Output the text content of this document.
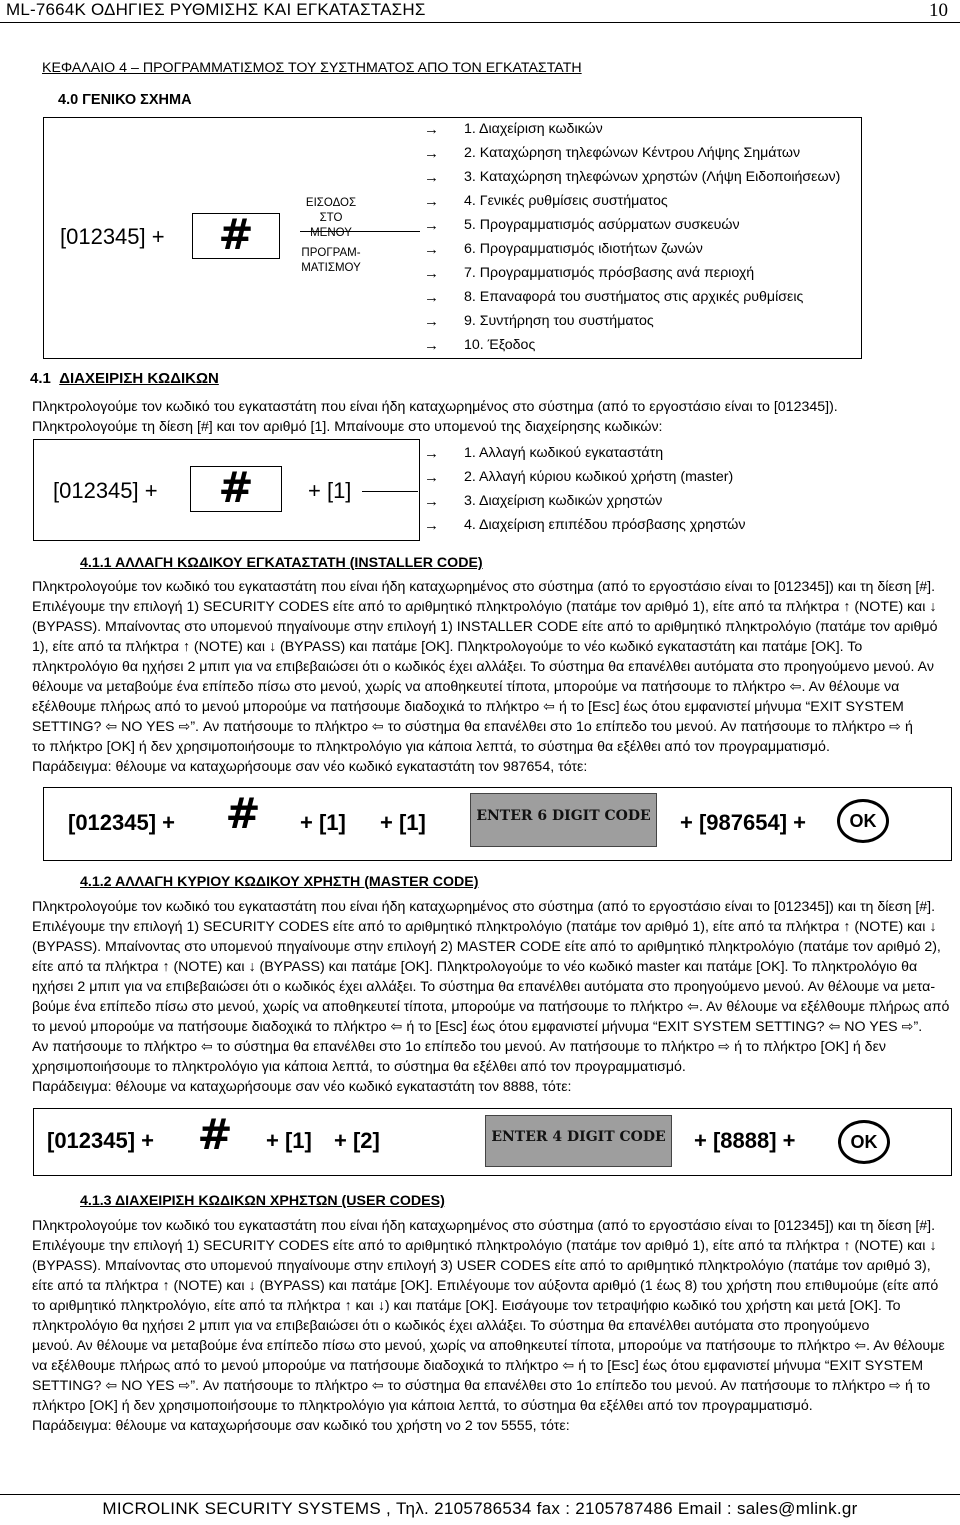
ML-7664K ΟΔΗΓΙΕΣ ΡΥΘΜΙΣΗΣ ΚΑΙ ΕΓΚΑΤΑΣΤΑΣΗΣ	10
ΚΕΦΑΛΑΙΟ 4 – ΠΡΟΓΡΑΜΜΑΤΙΣΜΟΣ ΤΟΥ ΣΥΣΤΗΜΑΤΟΣ ΑΠΟ ΤΟΝ ΕΓΚΑΤΑΣΤΑΤΗ
4.0 ΓΕΝΙΚΟ ΣΧΗΜΑ
[012345] +	#
ΕΙΣΟΔΟΣ
ΣΤΟ ΜΕΝΟΥ
ΠΡΟΓΡΑΜ-
ΜΑΤΙΣΜΟΥ
→	1. Διαχείριση κωδικών
→	2. Καταχώρηση τηλεφώνων Κέντρου Λήψης Σημάτων
→	3. Καταχώρηση τηλεφώνων χρηστών (Λήψη Ειδοποιήσεων)
→	4. Γενικές ρυθμίσεις συστήματος
→	5. Προγραμματισμός ασύρματων συσκευών
→	6. Προγραμματισμός ιδιοτήτων ζωνών
→	7. Προγραμματισμός πρόσβασης ανά περιοχή
→	8. Επαναφορά του συστήματος στις αρχικές ρυθμίσεις
→	9. Συντήρηση του συστήματος
→	10. Έξοδος
4.1 ΔΙΑΧΕΙΡΙΣΗ ΚΩΔΙΚΩΝ
Πληκτρολογούμε τον κωδικό του εγκαταστάτη που είναι ήδη καταχωρημένος στο σύστημα (από το εργοστάσιο είναι το [012345]).
Πληκτρολογούμε τη δίεση [#] και τον αριθμό [1]. Μπαίνουμε στο υπομενού της διαχείρησης κωδικών:
[012345] +	#	+ [1]
→	1. Αλλαγή κωδικού εγκαταστάτη
→	2. Αλλαγή κύριου κωδικού χρήστη (master)
→	3. Διαχείριση κωδικών χρηστών
→	4. Διαχείριση επιπέδου πρόσβασης χρηστών
4.1.1 ΑΛΛΑΓΗ ΚΩΔΙΚΟΥ ΕΓΚΑΤΑΣΤΑΤΗ (INSTALLER CODE)

Πληκτρολογούμε τον κωδικό του εγκαταστάτη που είναι ήδη καταχωρημένος στο σύστημα (από το εργοστάσιο είναι το [012345]) και τη δίεση [#].

Επιλέγουμε την επιλογή 1) SECURITY CODES είτε από το αριθμητικό πληκτρολόγιο (πατάμε τον αριθμό 1), είτε από τα πλήκτρα ↑ (NOTE) και ↓

(BYPASS). Μπαίνοντας στο υπομενού πηγαίνουμε στην επιλογή 1) INSTALLER CODE είτε από το αριθμητικό πληκτρολόγιο (πατάμε τον αριθμό

1), είτε από τα πλήκτρα ↑ (NOTE) και ↓ (BYPASS) και πατάμε [OK]. Πληκτρολογούμε το νέο κωδικό εγκαταστάτη και πατάμε [OK]. Το

πληκτρολόγιο θα ηχήσει 2 μπιπ για να επιβεβαιώσει ότι ο κωδικός έχει αλλάξει. Το σύστημα θα επανέλθει αυτόματα στο προηγούμενο μενού. Αν

θέλουμε να μεταβούμε ένα επίπεδο πίσω στο μενού, χωρίς να αποθηκευτεί τίποτα, μπορούμε να πατήσουμε το πλήκτρο ⇦. Αν θέλουμε να

εξέλθουμε πλήρως από το μενού μπορούμε να πατήσουμε διαδοχικά το πλήκτρο ⇦ ή το [Esc] έως ότου εμφανιστεί μήνυμα “EXIT SYSTEM

SETTING? ⇦ NO YES ⇨”. Αν πατήσουμε το πλήκτρο ⇦ το σύστημα θα επανέλθει στο 1ο επίπεδο του μενού. Αν πατήσουμε το πλήκτρο ⇨ ή

το πλήκτρο [OK] ή δεν χρησιμοποιήσουμε το πληκτρολόγιο για κάποια λεπτά, το σύστημα θα εξέλθει από τον προγραμματισμό.

Παράδειγμα: θέλουμε να καταχωρήσουμε σαν νέο κωδικό εγκαταστάτη τον 987654, τότε:

[012345] +	#	+ [1] + [1]	ENTER 6 DIGIT CODE + [987654] +	OK
4.1.2 ΑΛΛΑΓΗ ΚΥΡΙΟΥ ΚΩΔΙΚΟΥ ΧΡΗΣΤΗ (MASTER CODE)

Πληκτρολογούμε τον κωδικό του εγκαταστάτη που είναι ήδη καταχωρημένος στο σύστημα (από το εργοστάσιο είναι το [012345]) και τη δίεση [#].

Επιλέγουμε την επιλογή 1) SECURITY CODES είτε από το αριθμητικό πληκτρολόγιο (πατάμε τον αριθμό 1), είτε από τα πλήκτρα ↑ (NOTE) και ↓

(BYPASS). Μπαίνοντας στο υπομενού πηγαίνουμε στην επιλογή 2) MASTER CODE είτε από το αριθμητικό πληκτρολόγιο (πατάμε τον αριθμό 2),

είτε από τα πλήκτρα ↑ (NOTE) και ↓ (BYPASS) και πατάμε [OK]. Πληκτρολογούμε το νέο κωδικό master και πατάμε [OK]. Το πληκτρολόγιο θα

ηχήσει 2 μπιπ για να επιβεβαιώσει ότι ο κωδικός έχει αλλάξει. Το σύστημα θα επανέλθει αυτόματα στο προηγούμενο μενού. Αν θέλουμε να μετα-

βούμε ένα επίπεδο πίσω στο μενού, χωρίς να αποθηκευτεί τίποτα, μπορούμε να πατήσουμε το πλήκτρο ⇦. Αν θέλουμε να εξέλθουμε πλήρως από

το μενού μπορούμε να πατήσουμε διαδοχικά το πλήκτρο ⇦ ή το [Esc] έως ότου εμφανιστεί μήνυμα “EXIT SYSTEM SETTING? ⇦ NO YES ⇨”.

Αν πατήσουμε το πλήκτρο ⇦ το σύστημα θα επανέλθει στο 1ο επίπεδο του μενού. Αν πατήσουμε το πλήκτρο ⇨ ή το πλήκτρο [OK] ή δεν

χρησιμοποιήσουμε το πληκτρολόγιο για κάποια λεπτά, το σύστημα θα εξέλθει από τον προγραμματισμό.

Παράδειγμα: θέλουμε να καταχωρήσουμε σαν νέο κωδικό εγκαταστάτη τον 8888, τότε:

[012345] + #	+ [1] + [2]	ENTER 4 DIGIT CODE + [8888] +	OK
4.1.3 ΔΙΑΧΕΙΡΙΣΗ ΚΩΔΙΚΩΝ ΧΡΗΣΤΩΝ (USER CODES)

Πληκτρολογούμε τον κωδικό του εγκαταστάτη που είναι ήδη καταχωρημένος στο σύστημα (από το εργοστάσιο είναι το [012345]) και τη δίεση [#].

Επιλέγουμε την επιλογή 1) SECURITY CODES είτε από το αριθμητικό πληκτρολόγιο (πατάμε τον αριθμό 1), είτε από τα πλήκτρα ↑ (NOTE) και ↓

(BYPASS). Μπαίνοντας στο υπομενού πηγαίνουμε στην επιλογή 3) USER CODES είτε από το αριθμητικό πληκτρολόγιο (πατάμε τον αριθμό 3),

είτε από τα πλήκτρα ↑ (NOTE) και ↓ (BYPASS) και πατάμε [OK]. Επιλέγουμε τον αύξοντα αριθμό (1 έως 8) του χρήστη που επιθυμούμε (είτε από

το αριθμητικό πληκτρολόγιο, είτε από τα πλήκτρα ↑ και ↓) και πατάμε [OK]. Εισάγουμε τον τετραψήφιο κωδικό του χρήστη και μετά [OK]. Το

πληκτρολόγιο θα ηχήσει 2 μπιπ για να επιβεβαιώσει ότι ο κωδικός έχει αλλάξει. Το σύστημα θα επανέλθει αυτόματα στο προηγούμενο

μενού. Αν θέλουμε να μεταβούμε ένα επίπεδο πίσω στο μενού, χωρίς να αποθηκευτεί τίποτα, μπορούμε να πατήσουμε το πλήκτρο ⇦. Αν θέλουμε

να εξέλθουμε πλήρως από το μενού μπορούμε να πατήσουμε διαδοχικά το πλήκτρο ⇦ ή το [Esc] έως ότου εμφανιστεί μήνυμα “EXIT SYSTEM

SETTING? ⇦ NO YES ⇨”. Αν πατήσουμε το πλήκτρο ⇦ το σύστημα θα επανέλθει στο 1ο επίπεδο του μενού. Αν πατήσουμε το πλήκτρο ⇨ ή το

πλήκτρο [OK] ή δεν χρησιμοποιήσουμε το πληκτρολόγιο για κάποια λεπτά, το σύστημα θα εξέλθει από τον προγραμματισμό.

Παράδειγμα: θέλουμε να καταχωρήσουμε σαν κωδικό του χρήστη νο 2 τον 5555, τότε:

MICROLINK SECURITY SYSTEMS , Τηλ. 2105786534 fax : 2105787486 Email : sales@mlink.gr
